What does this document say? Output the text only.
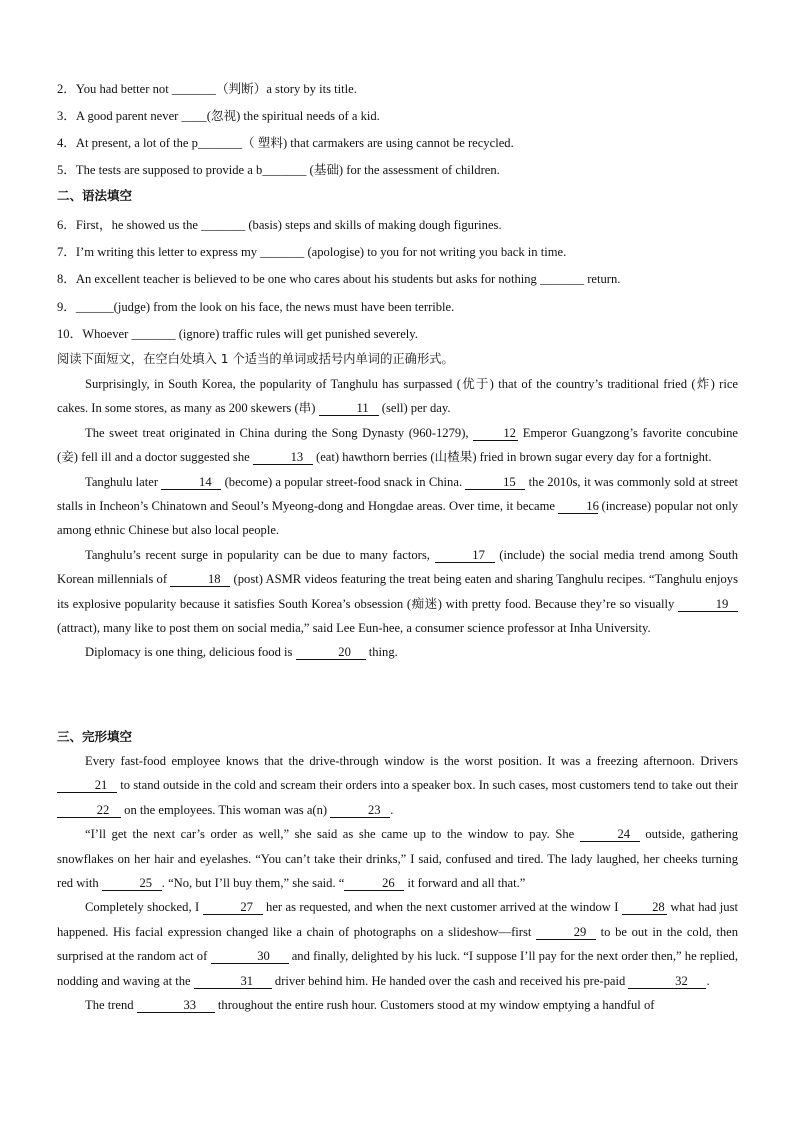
2．You had better not _______（判断）a story by its title.
3．A good parent never ____(忽视) the spiritual needs of a kid.
4．At present, a lot of the p_______（ 塑料) that carmakers are using cannot be recycled.
5．The tests are supposed to provide a b_______ (基础) for the assessment of children.
二、语法填空
6．First，he showed us the _______ (basis) steps and skills of making dough figurines.
7．I’m writing this letter to express my _______ (apologise) to you for not writing you back in time.
8．An excellent teacher is believed to be one who cares about his students but asks for nothing _______ return.
9．______(judge) from the look on his face, the news must have been terrible.
10．Whoever _______ (ignore) traffic rules will get punished severely.
阅读下面短文，在空白处填入 1 个适当的单词或括号内单词的正确形式。

Surprisingly, in South Korea, the popularity of Tanghulu has surpassed (优于) that of the country’s traditional fried (炸) rice cakes. In some stores, as many as 200 skewers (串)	11 (sell) per day.

The sweet treat originated in China during the Song Dynasty (960-1279), 12 Emperor Guangzong’s favorite concubine (妾) fell ill and a doctor suggested she	13 (eat) hawthorn berries (山楂果) fried in brown sugar every day for a fortnight.

Tanghulu later	14 (become) a popular street-food snack in China.	15 the 2010s, it was commonly sold at street stalls in Incheon’s Chinatown and Seoul’s Myeong-dong and Hongdae areas. Over time, it became 16 (increase) popular not only among ethnic Chinese but also local people.

Tanghulu’s recent surge in popularity can be due to many factors,	17 (include) the social media trend among South Korean millennials of	18 (post) ASMR videos featuring the treat being eaten and sharing Tanghulu recipes. “Tanghulu enjoys its explosive popularity because it satisfies South Korea’s obsession (痴迷) with pretty food. Because they’re so visually	19 (attract), many like to post them on social media,” said Lee Eun-hee, a consumer science professor at Inha University.

Diplomacy is one thing, delicious food is	20 thing.

三、完形填空

Every fast-food employee knows that the drive-through window is the worst position. It was a freezing afternoon. Drivers 21 to stand outside in the cold and scream their orders into a speaker box. In such cases, most customers tend to take out their 22 on the employees. This woman was a(n)	23 .

“I’ll get the next car’s order as well,” she said as she came up to the window to pay. She	24 outside, gathering snowflakes on her hair and eyelashes. “You can’t take their drinks,” I said, confused and tired. The lady laughed, her cheeks turning red with	25 . “No, but I’ll buy them,” she said. “	26 it forward and all that.”

Completely shocked, I	27 her as requested, and when the next customer arrived at the window I 28 what had just happened. His facial expression changed like a chain of photographs on a slideshow—first	29 to be out in the cold, then surprised at the random act of	30 and finally, delighted by his luck. “I suppose I’ll pay for the next order then,” he replied, nodding and waving at the	31 driver behind him. He handed over the cash and received his pre-paid	32 .

The trend	33 throughout the entire rush hour. Customers stood at my window emptying a handful of
